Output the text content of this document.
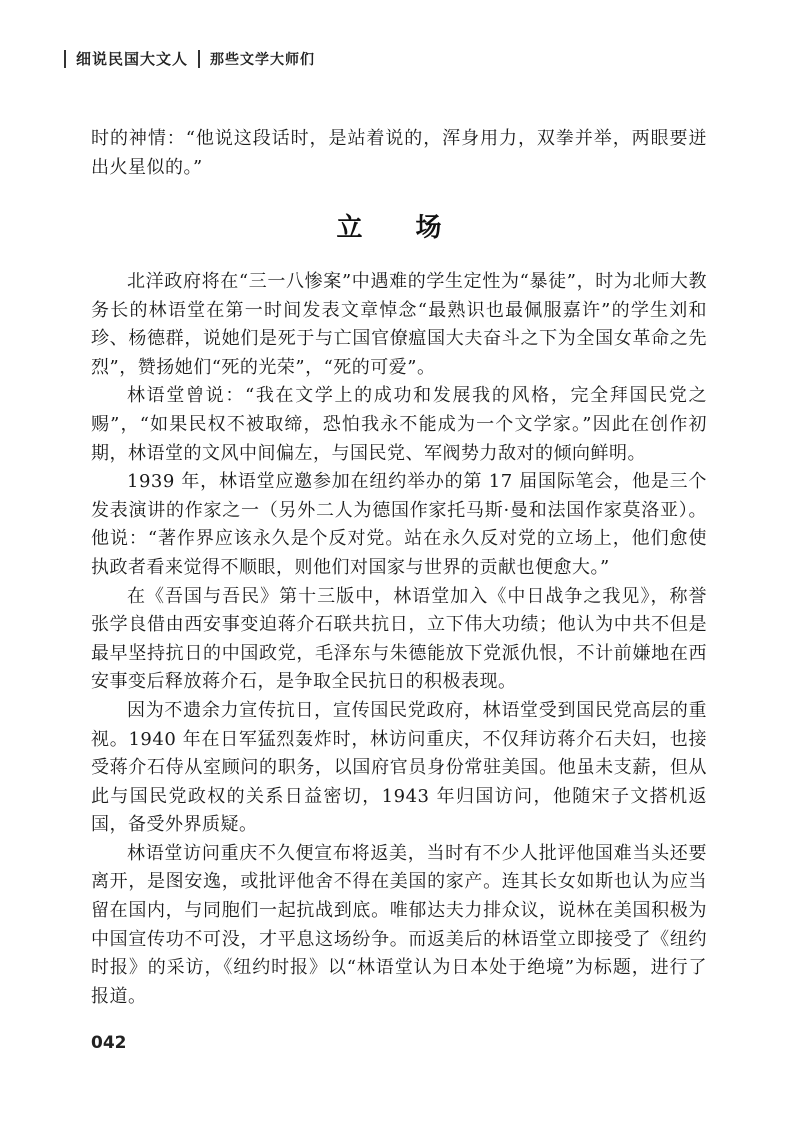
细说民国大文人 那些文学大师们
时的神情：“他说这段话时，是站着说的，浑身用力，双拳并举，两眼要迸出火星似的。”
立 场

北洋政府将在“三一八惨案”中遇难的学生定性为“暴徒”，时为北师大教务长的林语堂在第一时间发表文章悼念“最熟识也最佩服嘉许”的学生刘和珍、杨德群，说她们是死于与亡国官僚瘟国大夫奋斗之下为全国女革命之先烈”，赞扬她们“死的光荣”，“死的可爱”。

林语堂曾说：“我在文学上的成功和发展我的风格，完全拜国民党之赐”，“如果民权不被取缔，恐怕我永不能成为一个文学家。”因此在创作初期，林语堂的文风中间偏左，与国民党、军阀势力敌对的倾向鲜明。

1939 年，林语堂应邀参加在纽约举办的第 17 届国际笔会，他是三个发表演讲的作家之一（另外二人为德国作家托马斯·曼和法国作家莫洛亚）。他说：“著作界应该永久是个反对党。站在永久反对党的立场上，他们愈使执政者看来觉得不顺眼，则他们对国家与世界的贡献也便愈大。”

在《吾国与吾民》第十三版中，林语堂加入《中日战争之我见》，称誉张学良借由西安事变迫蒋介石联共抗日，立下伟大功绩；他认为中共不但是最早坚持抗日的中国政党，毛泽东与朱德能放下党派仇恨，不计前嫌地在西安事变后释放蒋介石，是争取全民抗日的积极表现。

因为不遗余力宣传抗日，宣传国民党政府，林语堂受到国民党高层的重视。1940 年在日军猛烈轰炸时，林访问重庆，不仅拜访蒋介石夫妇，也接受蒋介石侍从室顾问的职务，以国府官员身份常驻美国。他虽未支薪，但从此与国民党政权的关系日益密切，1943 年归国访问，他随宋子文搭机返国，备受外界质疑。

林语堂访问重庆不久便宣布将返美，当时有不少人批评他国难当头还要离开，是图安逸，或批评他舍不得在美国的家产。连其长女如斯也认为应当留在国内，与同胞们一起抗战到底。唯郁达夫力排众议，说林在美国积极为中国宣传功不可没，才平息这场纷争。而返美后的林语堂立即接受了《纽约时报》的采访，《纽约时报》以“林语堂认为日本处于绝境”为标题，进行了报道。

042
